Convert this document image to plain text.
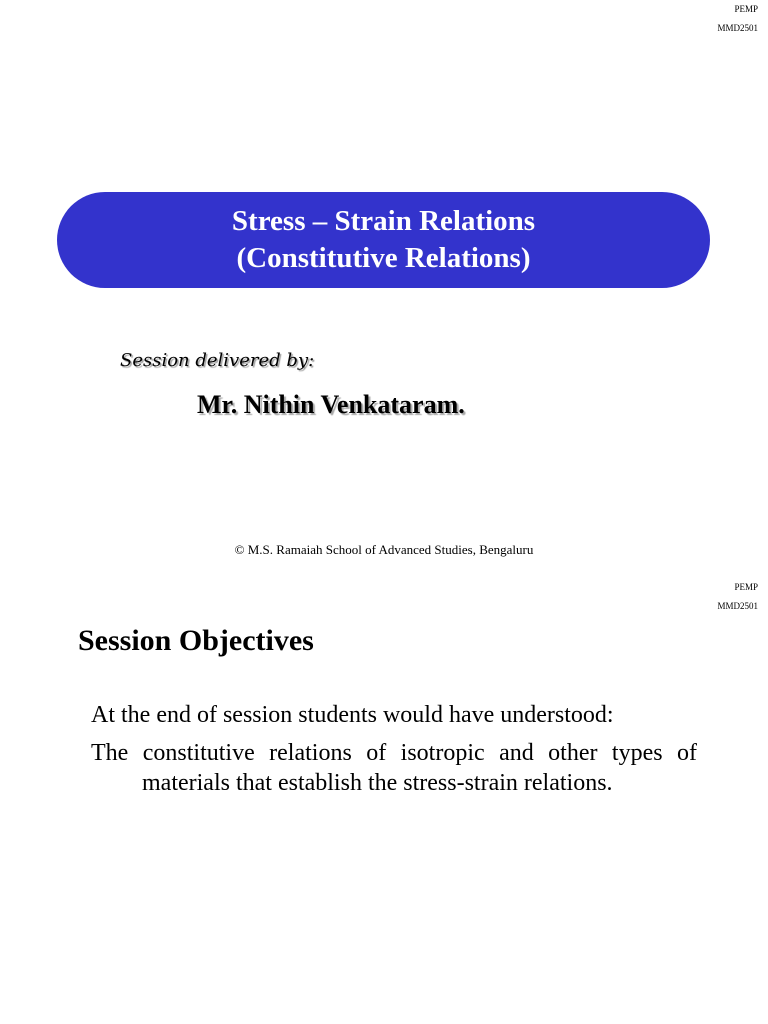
PEMP
MMD2501
Stress – Strain Relations
(Constitutive Relations)
Session delivered by:
Mr. Nithin Venkataram.
© M.S. Ramaiah School of Advanced Studies, Bengaluru
PEMP
MMD2501
Session Objectives
At the end of session students would have understood:
The constitutive relations of isotropic and other types of
materials that establish the stress-strain relations.
